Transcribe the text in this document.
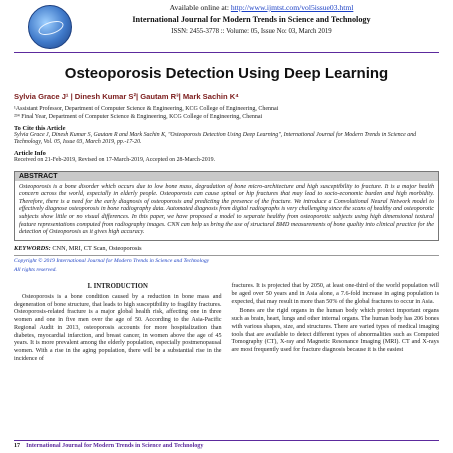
Available online at: http://www.ijmtst.com/vol5issue03.html
International Journal for Modern Trends in Science and Technology
ISSN: 2455-3778 :: Volume: 05, Issue No: 03, March 2019
Osteoporosis Detection Using Deep Learning
Sylvia Grace J¹ | Dinesh Kumar S²| Gautam R³| Mark Sachin K⁴
¹Assistant Professor, Department of Computer Science & Engineering, KCG College of Engineering, Chennai
²³⁴ Final Year, Department of Computer Science & Engineering, KCG College of Engineering, Chennai
To Cite this Article
Sylvia Grace J, Dinesh Kumar S, Gautam R and Mark Sachin K, "Osteoporosis Detection Using Deep Learning", International Journal for Modern Trends in Science and Technology, Vol. 05, Issue 03, March 2019, pp.-17-20.
Article Info
Received on 21-Feb-2019, Revised on 17-March-2019, Accepted on 28-March-2019.
ABSTRACT
Osteoporosis is a bone disorder which occurs due to low bone mass, degradation of bone micro-architecture and high susceptibility to fracture. It is a major health concern across the world, especially in elderly people. Osteoporosis can cause spinal or hip fractures that may lead to socio-economic burden and high morbidity. Therefore, there is a need for the early diagnosis of osteoporosis and predicting the presence of the fracture. We introduce a Convolutional Neural Network model to effectively diagnose osteoporosis in bone radiography data. Automated diagnosis from digital radiographs is very challenging since the scans of healthy and osteoporotic subjects show little or no visual differences. In this paper, we have proposed a model to separate healthy from osteoporotic subjects using high dimensional textural feature representations computed from radiography images. CNN can help us bring the use of structural BMD measurements of bone quality into clinical practice for the detection of Osteoporosis as it gives high accuracy.
KEYWORDS: CNN, MRI, CT Scan, Osteoporosis
Copyright © 2019 International Journal for Modern Trends in Science and Technology
All rights reserved.
I. INTRODUCTION

Osteoporosis is a bone condition caused by a reduction in bone mass and degeneration of bone structure, that leads to high susceptibility to fragility fractures. Osteoporosis-related fracture is a major global health risk, affecting one in three women and one in five men over the age of 50. According to the Asia-Pacific Regional Audit in 2013, osteoporosis accounts for more hospitalization than diabetes, myocardial infarction, and breast cancer, in women above the age of 45 years. It is more prevalent among the elderly population, especially postmenopausal women. With a rise in the aging population, there will be a substantial rise in the incidence of

fractures. It is projected that by 2050, at least one-third of the world population will be aged over 50 years and in Asia alone, a 7.6-fold increase in aging population is expected, that may result in more than 50% of the global fractures to occur in Asia.

Bones are the rigid organs in the human body which protect important organs such as brain, heart, lungs and other internal organs. The human body has 206 bones with various shapes, size, and structures. There are varied types of medical imaging tools that are available to detect different types of abnormalities such as Computed Tomography (CT), X-ray and Magnetic Resonance Imaging (MRI). CT and X-rays are most frequently used for fracture diagnosis because it is the easiest

17 International Journal for Modern Trends in Science and Technology
